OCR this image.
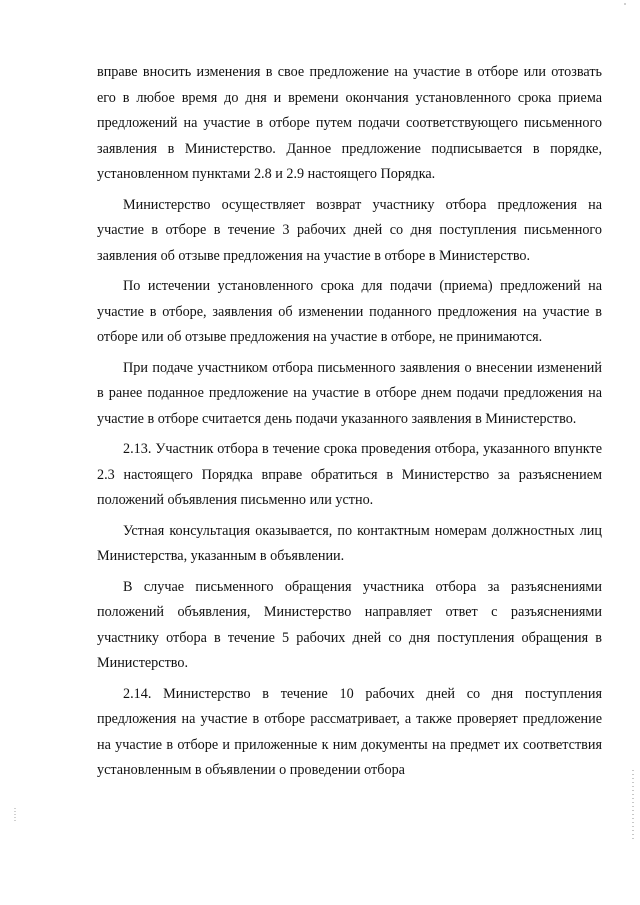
вправе вносить изменения в свое предложение на участие в отборе или отозвать его в любое время до дня и времени окончания установленного срока приема предложений на участие в отборе путем подачи соответствующего письменного заявления в Министерство. Данное предложение подписывается в порядке, установленном пунктами 2.8 и 2.9 настоящего Порядка.

Министерство осуществляет возврат участнику отбора предложения на участие в отборе в течение 3 рабочих дней со дня поступления письменного заявления об отзыве предложения на участие в отборе в Министерство.

По истечении установленного срока для подачи (приема) предложений на участие в отборе, заявления об изменении поданного предложения на участие в отборе или об отзыве предложения на участие в отборе, не принимаются.

При подаче участником отбора письменного заявления о внесении изменений в ранее поданное предложение на участие в отборе днем подачи предложения на участие в отборе считается день подачи указанного заявления в Министерство.

2.13. Участник отбора в течение срока проведения отбора, указанного впункте 2.3 настоящего Порядка вправе обратиться в Министерство за разъяснением положений объявления письменно или устно.

Устная консультация оказывается, по контактным номерам должностных лиц Министерства, указанным в объявлении.

В случае письменного обращения участника отбора за разъяснениями положений объявления, Министерство направляет ответ с разъяснениями участнику отбора в течение 5 рабочих дней со дня поступления обращения в Министерство.

2.14. Министерство в течение 10 рабочих дней со дня поступления предложения на участие в отборе рассматривает, а также проверяет предложение на участие в отборе и приложенные к ним документы на предмет их соответствия установленным в объявлении о проведении отбора
